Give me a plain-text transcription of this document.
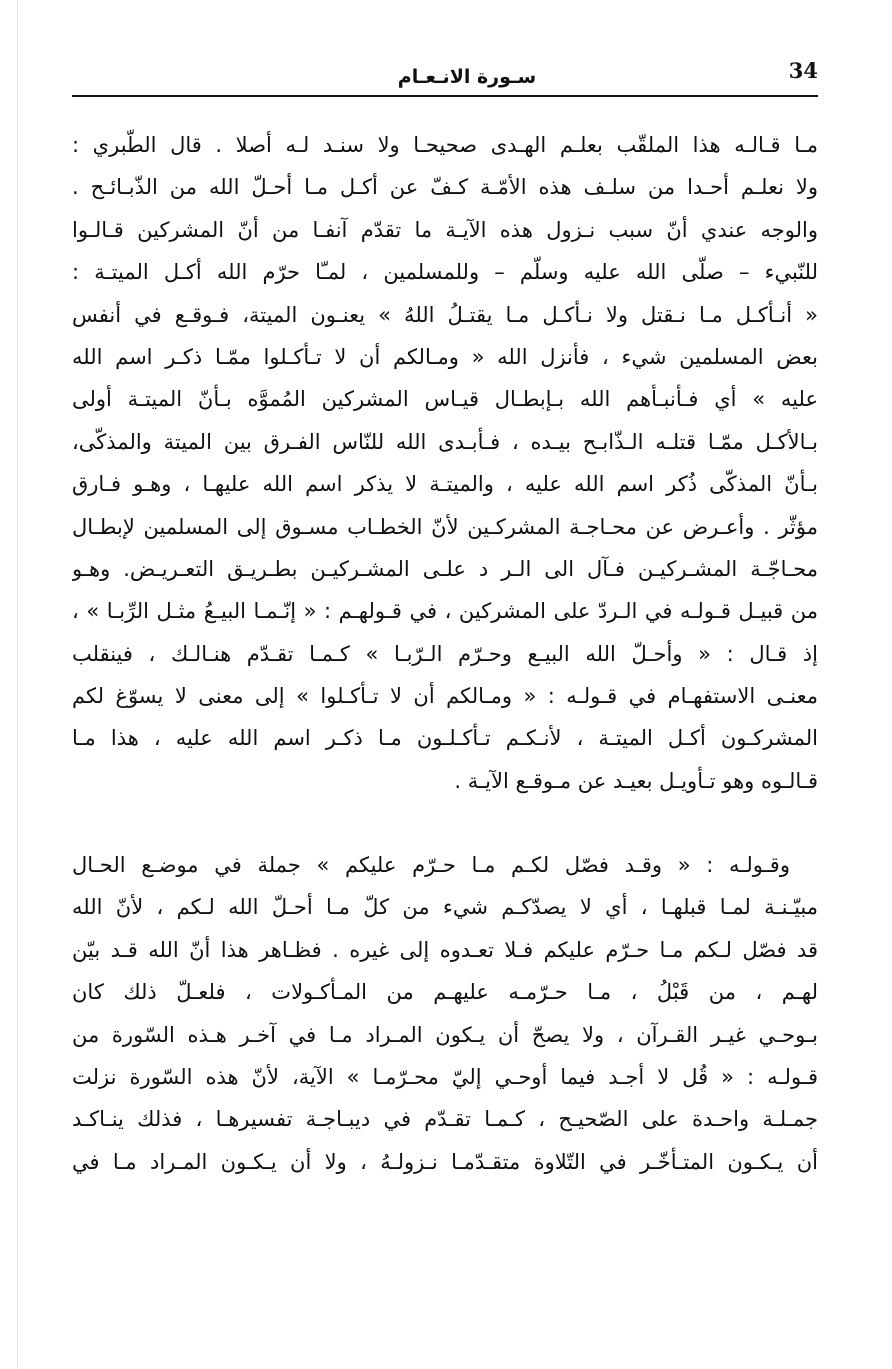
34
سـورة الانـعـام
مـا قـالـه هذا الملقّب بعلـم الهـدى صحيحـا ولا سنـد لـه أصلا . قال الطّبري :
ولا نعلـم أحـدا من سلـف هذه الأمّـة كـفّ عن أكـل مـا أحـلّ الله من الذّبـائـح .
والوجه عندي أنّ سبب نـزول هذه الآيـة ما تقدّم آنفـا من أنّ المشركين قـالـوا
للنّبيء – صلّى الله عليه وسلّم – وللمسلمين ، لمـّا حرّم الله أكـل الميتـة :
« أنـأكـل مـا نـقتل ولا نـأكـل مـا يقتـلُ اللهُ » يعنـون الميتة، فـوقـع في أنفس
بعض المسلمين شيء ، فأنزل الله « ومـالكم أن لا تـأكـلوا ممّـا ذكـر اسم الله
عليه » أي فـأنبـأهم الله بـإبطـال قيـاس المشركين المُموَّه بـأنّ الميتـة أولى
بـالأكـل ممّـا قتلـه الـذّابـح بيـده ، فـأبـدى الله للنّاس الفـرق بين الميتة والمذكّى،
بـأنّ المذكّى ذُكر اسم الله عليه ، والميتـة لا يذكر اسم الله عليهـا ، وهـو فـارق
مؤثّر . وأعـرض عن محـاجـة المشركـين لأنّ الخطـاب مسـوق إلى المسلمين لإبطـال
محـاجّـة المشـركيـن فـآل الى الـر د علـى المشـركيـن بطـريـق التعـريـض. وهـو
من قبيـل قـولـه في الـردّ على المشركين ، في قـولهـم : « إنّـمـا البيـعُ مثـل الرِّبـا » ،
إذ قـال : « وأحـلّ الله البيـع وحـرّم الـرّبـا » كـمـا تقـدّم هنـالـك ، فينقلب
معنـى الاستفهـام في قـولـه : « ومـالكم أن لا تـأكـلوا » إلى معنى لا يسوّغ لكم
المشركـون أكـل الميتـة ، لأنـكـم تـأكـلـون مـا ذكـر اسم الله عليه ، هذا مـا
قـالـوه وهو تـأويـل بعيـد عن مـوقـع الآيـة .
وقـولـه : « وقـد فصّل لكـم مـا حـرّم عليكم » جملة في موضـع الحـال
مبيّـنـة لمـا قبلهـا ، أي لا يصدّكـم شيء من كلّ مـا أحـلّ الله لـكم ، لأنّ الله
قد فصّل لـكم مـا حـرّم عليكم فـلا تعـدوه إلى غيره . فظـاهر هذا أنّ الله قـد بيّن
لهـم ، من قَبْلُ ، مـا حـرّمـه عليهـم من المـأكـولات ، فلعـلّ ذلك كان
بـوحـي غيـر القـرآن ، ولا يصحّ أن يـكون المـراد مـا في آخـر هـذه السّورة من
قـولـه : « قُل لا أجـد فيما أوحـي إليّ محـرّمـا » الآية، لأنّ هذه السّورة نزلت
جمـلـة واحـدة على الصّحيـح ، كـمـا تقـدّم في ديبـاجـة تفسيرهـا ، فذلك ينـاكـد
أن يـكـون المتـأخّـر في التّلاوة متقـدّمـا نـزولـهُ ، ولا أن يـكـون المـراد مـا في
